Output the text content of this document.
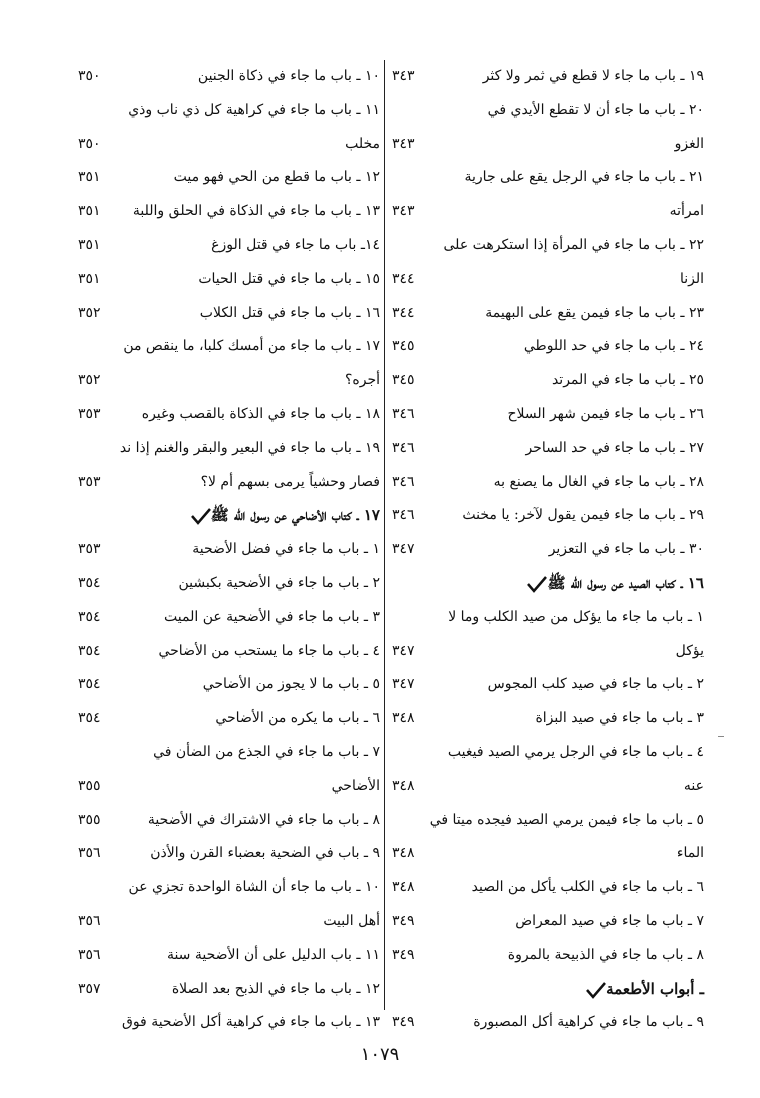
١٩ ـ باب ما جاء لا قطع في ثمر ولا كثر
٣٤٣
٢٠ ـ باب ما جاء أن لا تقطع الأيدي في
الغزو
٣٤٣
٢١ ـ باب ما جاء في الرجل يقع على جارية
امرأته
٣٤٣
٢٢ ـ باب ما جاء في المرأة إذا استكرهت على
الزنا
٣٤٤
٢٣ ـ باب ما جاء فيمن يقع على البهيمة
٣٤٤
٢٤ ـ باب ما جاء في حد اللوطي
٣٤٥
٢٥ ـ باب ما جاء في المرتد
٣٤٥
٢٦ ـ باب ما جاء فيمن شهر السلاح
٣٤٦
٢٧ ـ باب ما جاء في حد الساحر
٣٤٦
٢٨ ـ باب ما جاء في الغال ما يصنع به
٣٤٦
٢٩ ـ باب ما جاء فيمن يقول لآخر: يا مخنث
٣٤٦
٣٠ ـ باب ما جاء في التعزير
٣٤٧
١٦ ـ كتاب الصيد عن رسول الله ﷺ
١ ـ باب ما جاء ما يؤكل من صيد الكلب وما لا
يؤكل
٣٤٧
٢ ـ باب ما جاء في صيد كلب المجوس
٣٤٧
٣ ـ باب ما جاء في صيد البزاة
٣٤٨
٤ ـ باب ما جاء في الرجل يرمي الصيد فيغيب
عنه
٣٤٨
٥ ـ باب ما جاء فيمن يرمي الصيد فيجده ميتا في
الماء
٣٤٨
٦ ـ باب ما جاء في الكلب يأكل من الصيد
٣٤٨
٧ ـ باب ما جاء في صيد المعراض
٣٤٩
٨ ـ باب ما جاء في الذبيحة بالمروة
٣٤٩
ـ أبواب الأطعمة
٩ ـ باب ما جاء في كراهية أكل المصبورة
٣٤٩
١٠ ـ باب ما جاء في ذكاة الجنين
٣٥٠
١١ ـ باب ما جاء في كراهية كل ذي ناب وذي
مخلب
٣٥٠
١٢ ـ باب ما قطع من الحي فهو ميت
٣٥١
١٣ ـ باب ما جاء في الذكاة في الحلق واللبة
٣٥١
١٤ـ باب ما جاء في قتل الوزغ
٣٥١
١٥ ـ باب ما جاء في قتل الحيات
٣٥١
١٦ ـ باب ما جاء في قتل الكلاب
٣٥٢
١٧ ـ باب ما جاء من أمسك كلبا، ما ينقص من
أجره؟
٣٥٢
١٨ ـ باب ما جاء في الذكاة بالقصب وغيره
٣٥٣
١٩ ـ باب ما جاء في البعير والبقر والغنم إذا ند
فصار وحشياً يرمى بسهم أم لا؟
٣٥٣
١٧ ـ كتاب الأضاحي عن رسول الله ﷺ
١ ـ باب ما جاء في فضل الأضحية
٣٥٣
٢ ـ باب ما جاء في الأضحية بكبشين
٣٥٤
٣ ـ باب ما جاء في الأضحية عن الميت
٣٥٤
٤ ـ باب ما جاء ما يستحب من الأضاحي
٣٥٤
٥ ـ باب ما لا يجوز من الأضاحي
٣٥٤
٦ ـ باب ما يكره من الأضاحي
٣٥٤
٧ ـ باب ما جاء في الجذع من الضأن في
الأضاحي
٣٥٥
٨ ـ باب ما جاء في الاشتراك في الأضحية
٣٥٥
٩ ـ باب في الضحية بعضباء القرن والأذن
٣٥٦
١٠ ـ باب ما جاء أن الشاة الواحدة تجزي عن
أهل البيت
٣٥٦
١١ ـ باب الدليل على أن الأضحية سنة
٣٥٦
١٢ ـ باب ما جاء في الذبح بعد الصلاة
٣٥٧
١٣ ـ باب ما جاء في كراهية أكل الأضحية فوق
١٠٧٩
